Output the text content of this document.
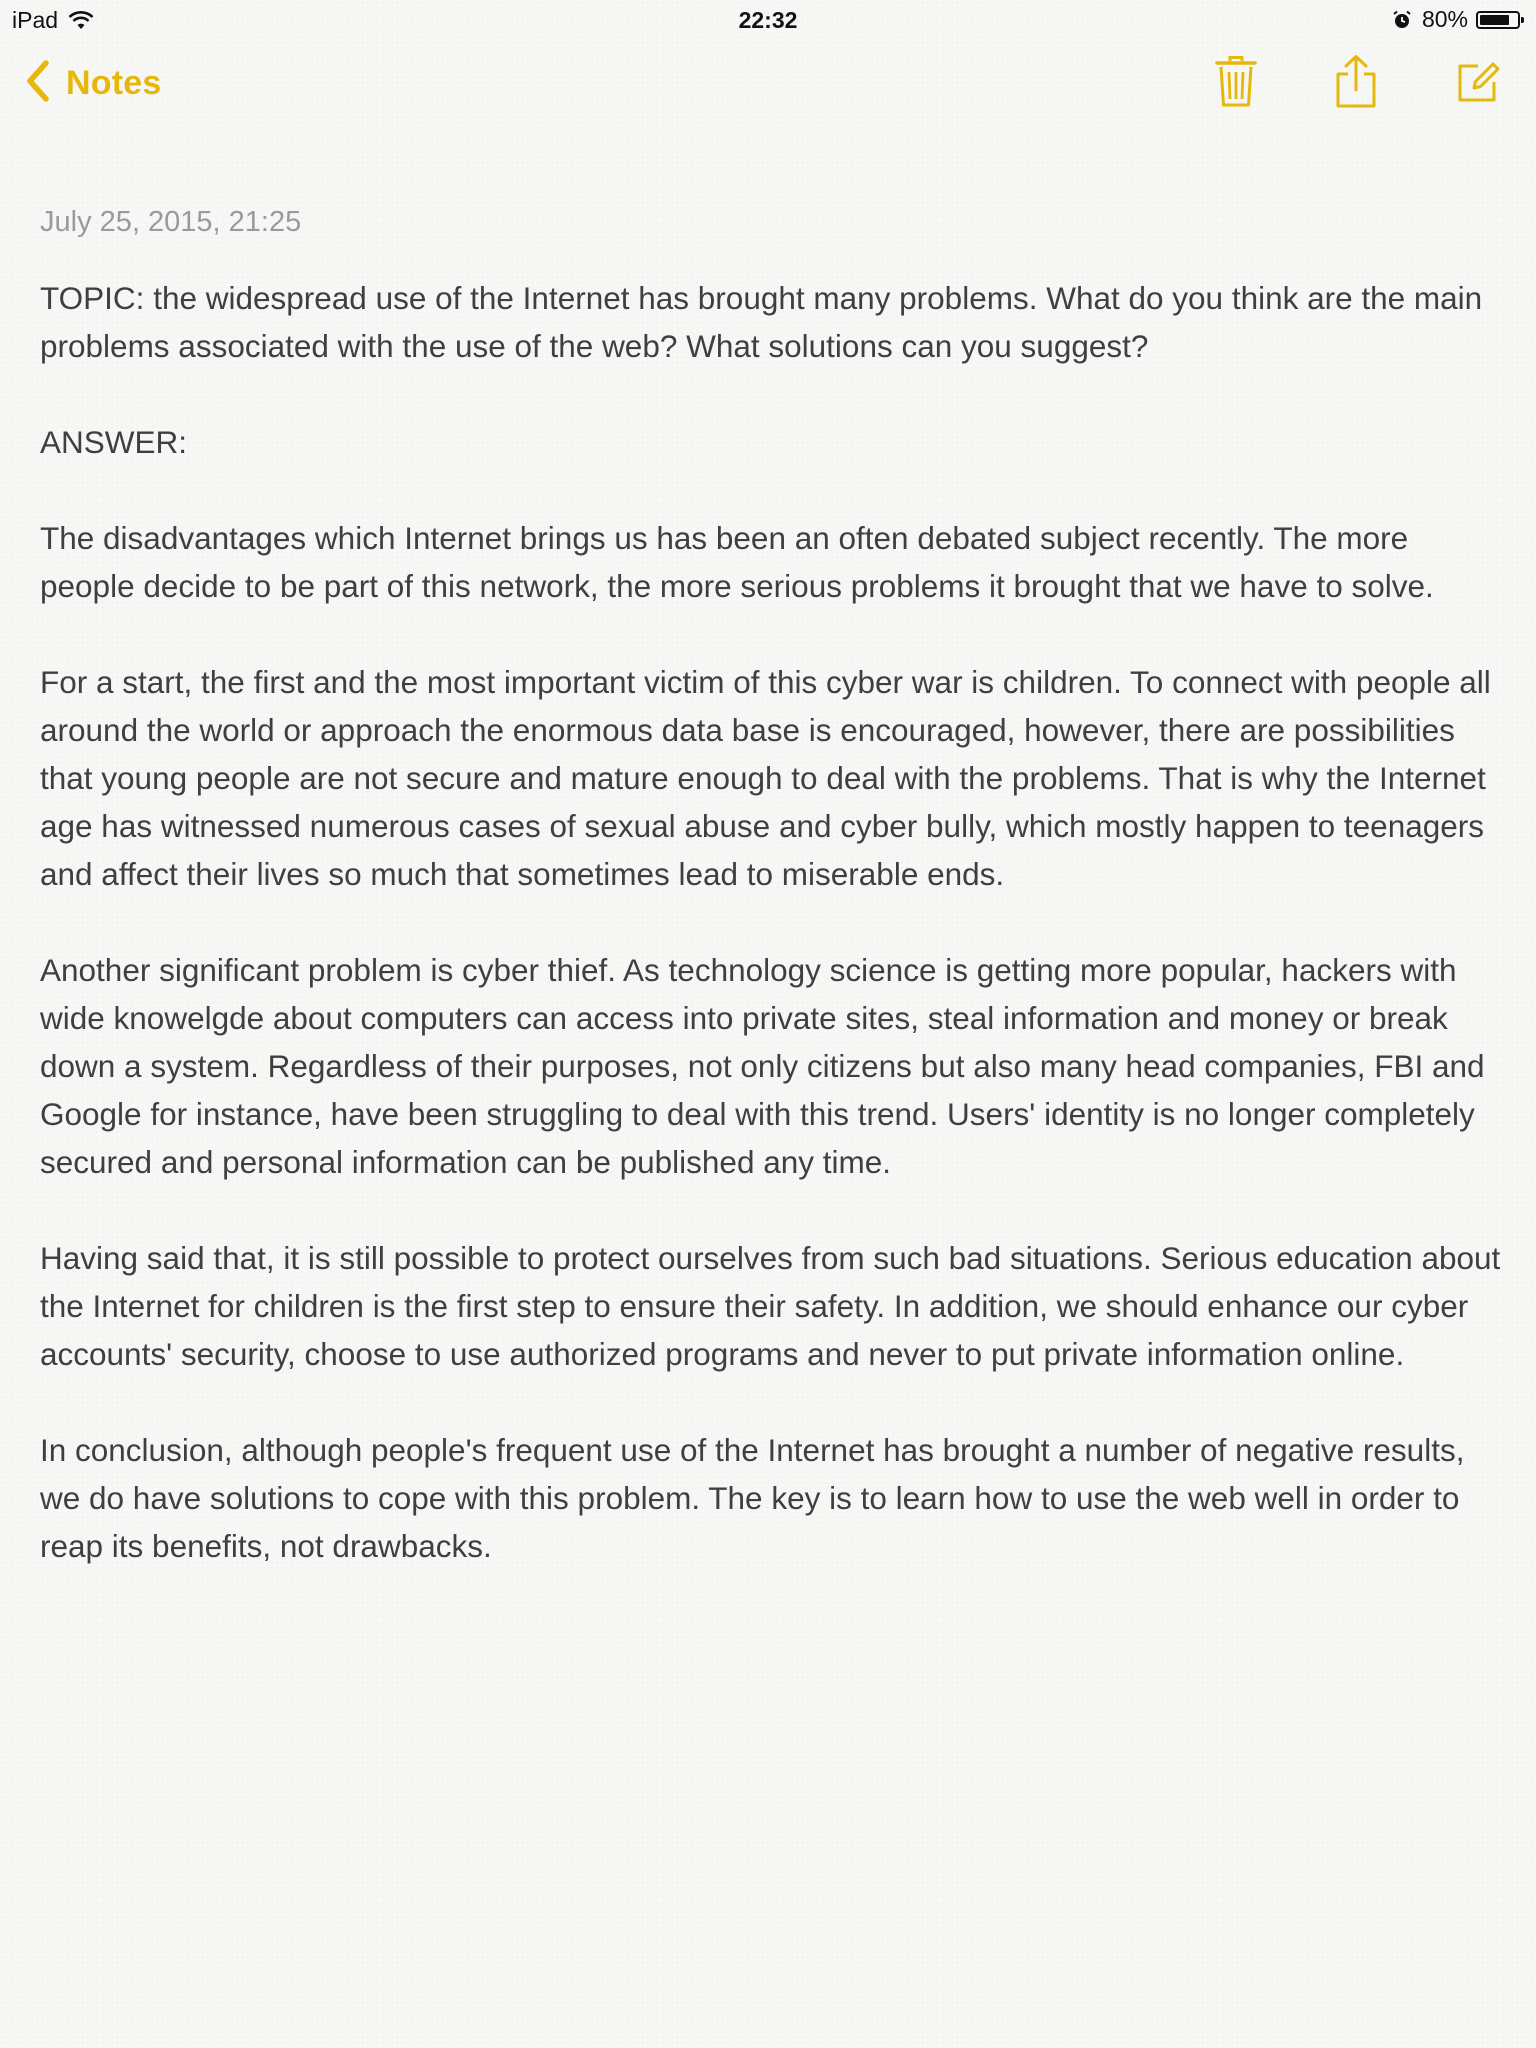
iPad	22:32	80%
Notes
July 25, 2015, 21:25

TOPIC: the widespread use of the Internet has brought many problems. What do you think are the main problems associated with the use of the web? What solutions can you suggest?

ANSWER:

The disadvantages which Internet brings us has been an often debated subject recently. The more people decide to be part of this network, the more serious problems it brought that we have to solve.

For a start, the first and the most important victim of this cyber war is children. To connect with people all around the world or approach the enormous data base is encouraged, however, there are possibilities that young people are not secure and mature enough to deal with the problems. That is why the Internet age has witnessed numerous cases of sexual abuse and cyber bully, which mostly happen to teenagers and affect their lives so much that sometimes lead to miserable ends.

Another significant problem is cyber thief. As technology science is getting more popular, hackers with wide knowelgde about computers can access into private sites, steal information and money or break down a system. Regardless of their purposes, not only citizens but also many head companies, FBI and Google for instance, have been struggling to deal with this trend. Users' identity is no longer completely secured and personal information can be published any time.

Having said that, it is still possible to protect ourselves from such bad situations. Serious education about the Internet for children is the first step to ensure their safety. In addition, we should enhance our cyber accounts' security, choose to use authorized programs and never to put private information online.

In conclusion, although people's frequent use of the Internet has brought a number of negative results, we do have solutions to cope with this problem. The key is to learn how to use the web well in order to reap its benefits, not drawbacks.
